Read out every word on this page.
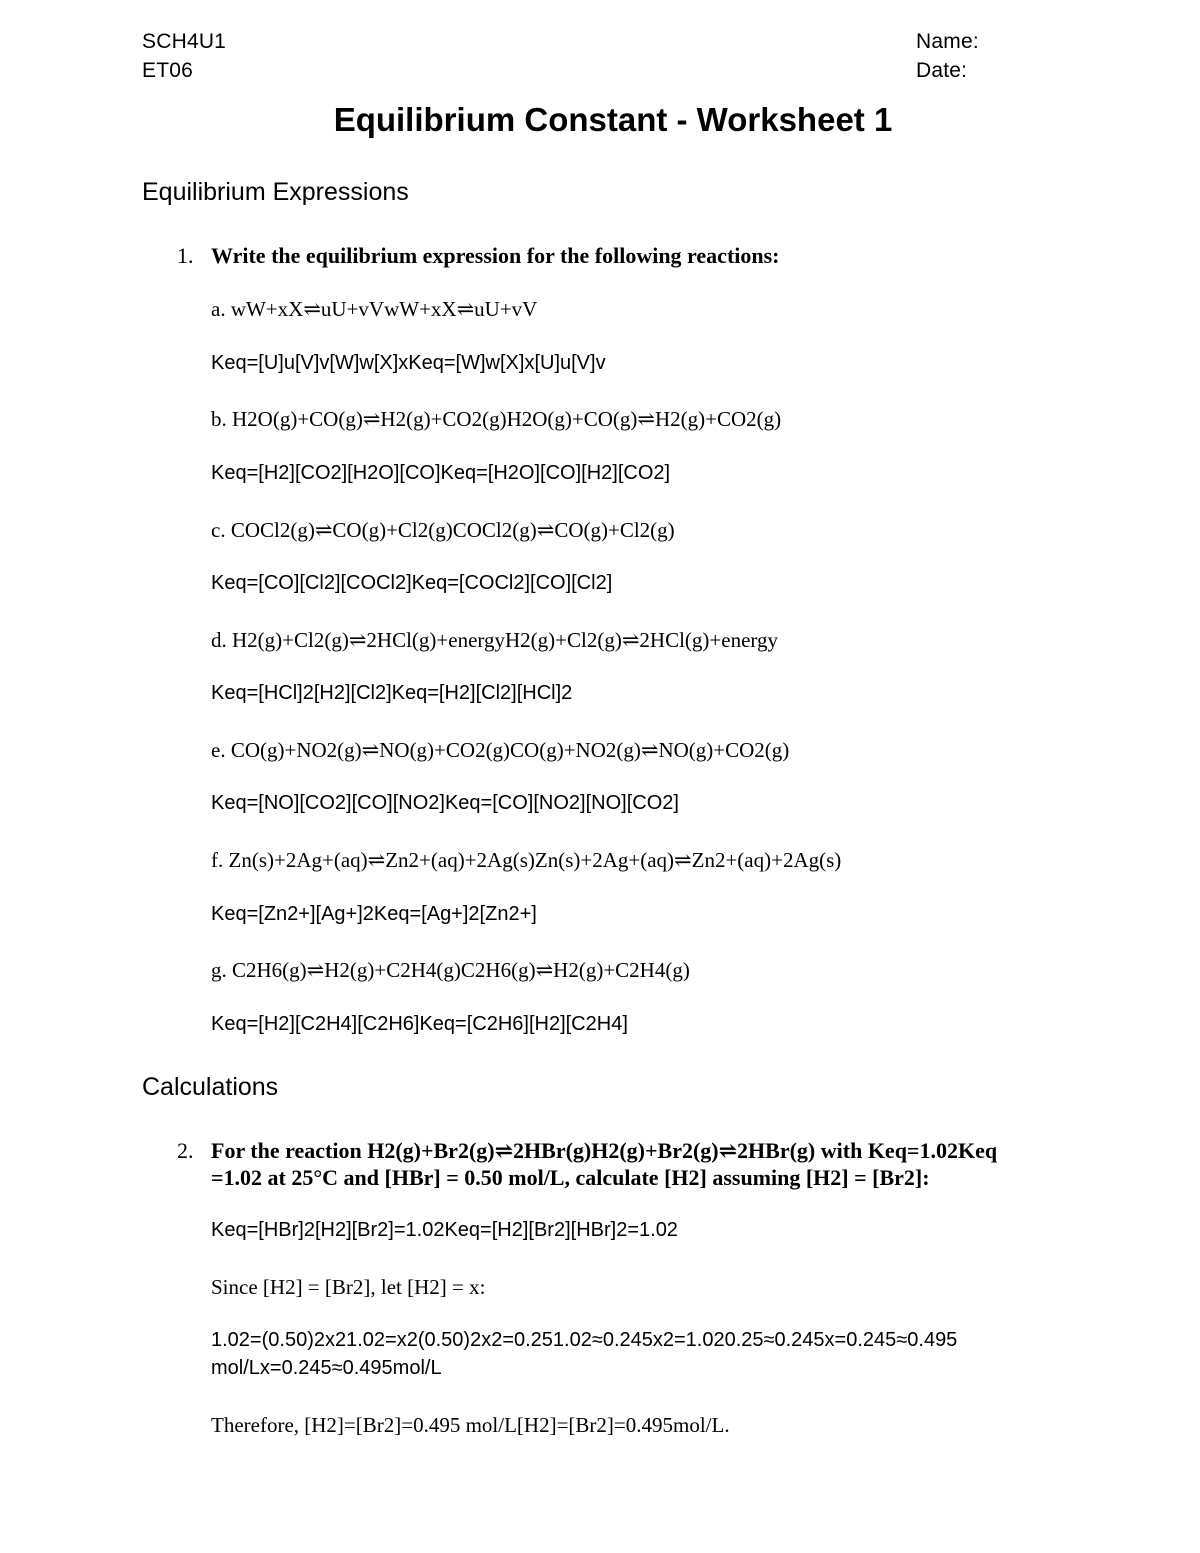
SCH4U1
ET06
Name:
Date:
Equilibrium Constant - Worksheet 1
Equilibrium Expressions
1. Write the equilibrium expression for the following reactions:
a. wW+xX⇌uU+vVwW+xX⇌uU+vV
Keq=[U]u[V]v[W]w[X]xKeq=[W]w[X]x[U]u[V]v
b. H2O(g)+CO(g)⇌H2(g)+CO2(g)H2O(g)+CO(g)⇌H2(g)+CO2(g)
Keq=[H2][CO2][H2O][CO]Keq=[H2O][CO][H2][CO2]
c. COCl2(g)⇌CO(g)+Cl2(g)COCl2(g)⇌CO(g)+Cl2(g)
Keq=[CO][Cl2][COCl2]Keq=[COCl2][CO][Cl2]
d. H2(g)+Cl2(g)⇌2HCl(g)+energyH2(g)+Cl2(g)⇌2HCl(g)+energy
Keq=[HCl]2[H2][Cl2]Keq=[H2][Cl2][HCl]2
e. CO(g)+NO2(g)⇌NO(g)+CO2(g)CO(g)+NO2(g)⇌NO(g)+CO2(g)
Keq=[NO][CO2][CO][NO2]Keq=[CO][NO2][NO][CO2]
f. Zn(s)+2Ag+(aq)⇌Zn2+(aq)+2Ag(s)Zn(s)+2Ag+(aq)⇌Zn2+(aq)+2Ag(s)
Keq=[Zn2+][Ag+]2Keq=[Ag+]2[Zn2+]
g. C2H6(g)⇌H2(g)+C2H4(g)C2H6(g)⇌H2(g)+C2H4(g)
Keq=[H2][C2H4][C2H6]Keq=[C2H6][H2][C2H4]
Calculations
2. For the reaction H2(g)+Br2(g)⇌2HBr(g)H2(g)+Br2(g)⇌2HBr(g) with Keq=1.02Keq
=1.02 at 25°C and [HBr] = 0.50 mol/L, calculate [H2] assuming [H2] = [Br2]:
Keq=[HBr]2[H2][Br2]=1.02Keq=[H2][Br2][HBr]2=1.02
Since [H2] = [Br2], let [H2] = x:
1.02=(0.50)2x21.02=x2(0.50)2x2=0.251.02≈0.245x2=1.020.25≈0.245x=0.245≈0.495
mol/Lx=0.245≈0.495mol/L
Therefore, [H2]=[Br2]=0.495 mol/L[H2]=[Br2]=0.495mol/L.
